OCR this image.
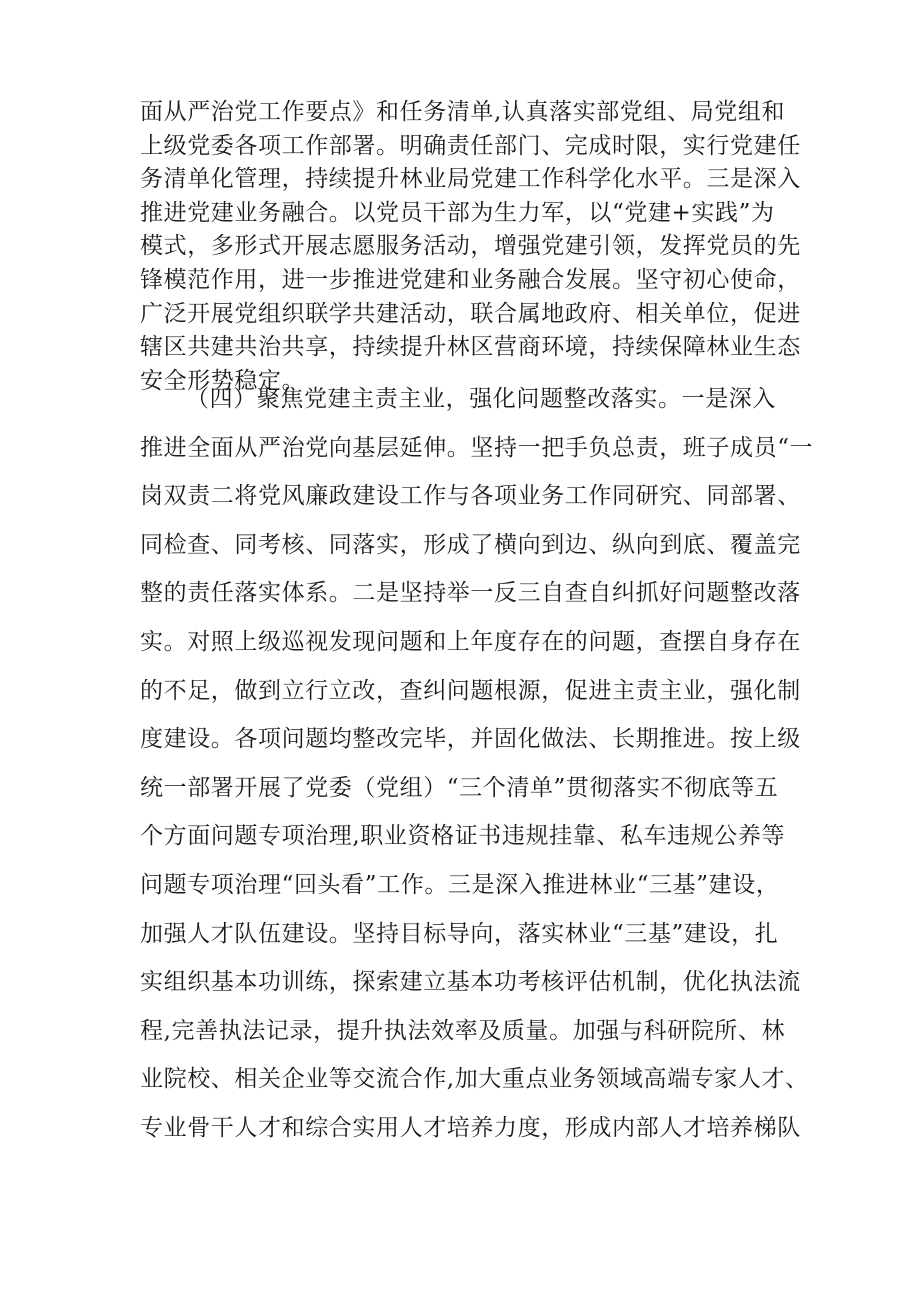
面从严治党工作要点》和任务清单,认真落实部党组、局党组和
上级党委各项工作部署。明确责任部门、完成时限，实行党建任
务清单化管理，持续提升林业局党建工作科学化水平。三是深入
推进党建业务融合。以党员干部为生力军，以“党建+实践”为
模式，多形式开展志愿服务活动，增强党建引领，发挥党员的先
锋模范作用，进一步推进党建和业务融合发展。坚守初心使命，
广泛开展党组织联学共建活动，联合属地政府、相关单位，促进
辖区共建共治共享，持续提升林区营商环境，持续保障林业生态
安全形势稳定。
（四）聚焦党建主责主业，强化问题整改落实。一是深入
推进全面从严治党向基层延伸。坚持一把手负总责，班子成员“一
岗双责二将党风廉政建设工作与各项业务工作同研究、同部署、
同检查、同考核、同落实，形成了横向到边、纵向到底、覆盖完
整的责任落实体系。二是坚持举一反三自查自纠抓好问题整改落
实。对照上级巡视发现问题和上年度存在的问题，查摆自身存在
的不足，做到立行立改，查纠问题根源，促进主责主业，强化制
度建设。各项问题均整改完毕，并固化做法、长期推进。按上级
统一部署开展了党委（党组）“三个清单”贯彻落实不彻底等五
个方面问题专项治理,职业资格证书违规挂靠、私车违规公养等
问题专项治理“回头看”工作。三是深入推进林业“三基”建设，
加强人才队伍建设。坚持目标导向，落实林业“三基”建设，扎
实组织基本功训练，探索建立基本功考核评估机制，优化执法流
程,完善执法记录，提升执法效率及质量。加强与科研院所、林
业院校、相关企业等交流合作,加大重点业务领域高端专家人才、
专业骨干人才和综合实用人才培养力度，形成内部人才培养梯队
